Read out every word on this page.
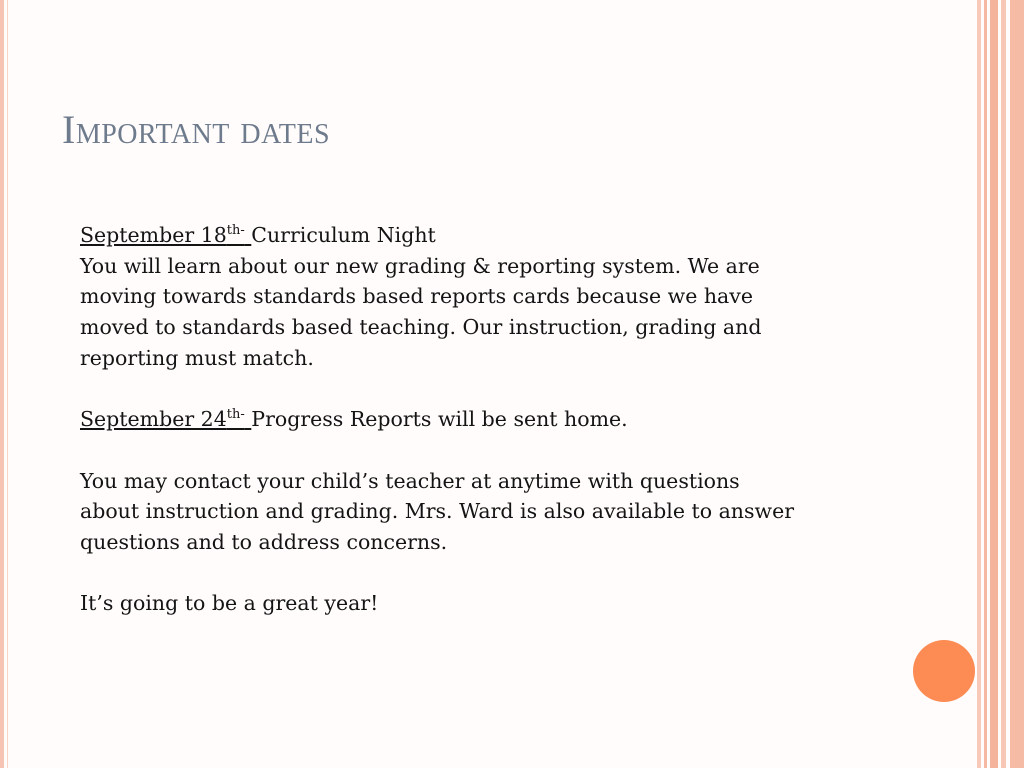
Important dates

September $18^{th-}$ Curriculum Night

You will learn about our new grading & reporting system. We are

moving towards standards based reports cards because we have

moved to standards based teaching. Our instruction, grading and

reporting must match.

September $24^{th-}$ Progress Reports will be sent home.

You may contact your child’s teacher at anytime with questions

about instruction and grading. Mrs. Ward is also available to answer

questions and to address concerns.

It’s going to be a great year!
